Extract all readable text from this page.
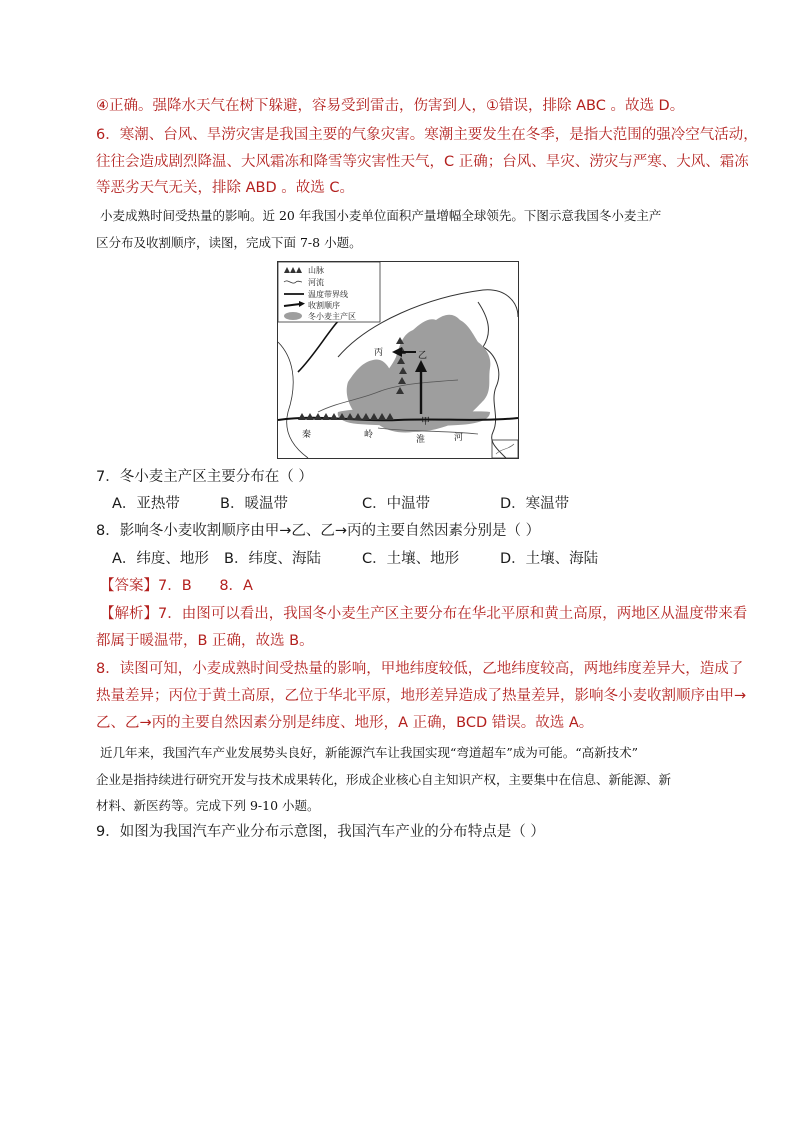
④正确。强降水天气在树下躲避，容易受到雷击，伤害到人，①错误，排除 ABC 。故选 D。
6．寒潮、台风、旱涝灾害是我国主要的气象灾害。寒潮主要发生在冬季，是指大范围的强冷空气活动，
往往会造成剧烈降温、大风霜冻和降雪等灾害性天气，C 正确；台风、旱灾、涝灾与严寒、大风、霜冻
等恶劣天气无关，排除 ABD 。故选 C。
小麦成熟时间受热量的影响。近 20 年我国小麦单位面积产量增幅全球领先。下图示意我国冬小麦主产
区分布及收割顺序，读图，完成下面 7-8 小题。
丙	乙
甲
秦	岭	淮	河
山脉
河流
温度带界线
收割顺序
冬小麦主产区
7．冬小麦主产区主要分布在（ ）
A．亚热带	B．暖温带	C．中温带	D．寒温带
8．影响冬小麦收割顺序由甲→乙、乙→丙的主要自然因素分别是（ ）
A．纬度、地形 B．纬度、海陆	C．土壤、地形	D．土壤、海陆
【答案】7．B      8．A
【解析】7．由图可以看出，我国冬小麦生产区主要分布在华北平原和黄土高原，两地区从温度带来看
都属于暖温带，B 正确，故选 B。
8．读图可知，小麦成熟时间受热量的影响，甲地纬度较低，乙地纬度较高，两地纬度差异大，造成了
热量差异；丙位于黄土高原，乙位于华北平原，地形差异造成了热量差异，影响冬小麦收割顺序由甲→
乙、乙→丙的主要自然因素分别是纬度、地形，A 正确，BCD 错误。故选 A。
近几年来，我国汽车产业发展势头良好，新能源汽车让我国实现“弯道超车”成为可能。“高新技术”
企业是指持续进行研究开发与技术成果转化，形成企业核心自主知识产权，主要集中在信息、新能源、新
材料、新医药等。完成下列 9-10 小题。
9．如图为我国汽车产业分布示意图，我国汽车产业的分布特点是（ ）
